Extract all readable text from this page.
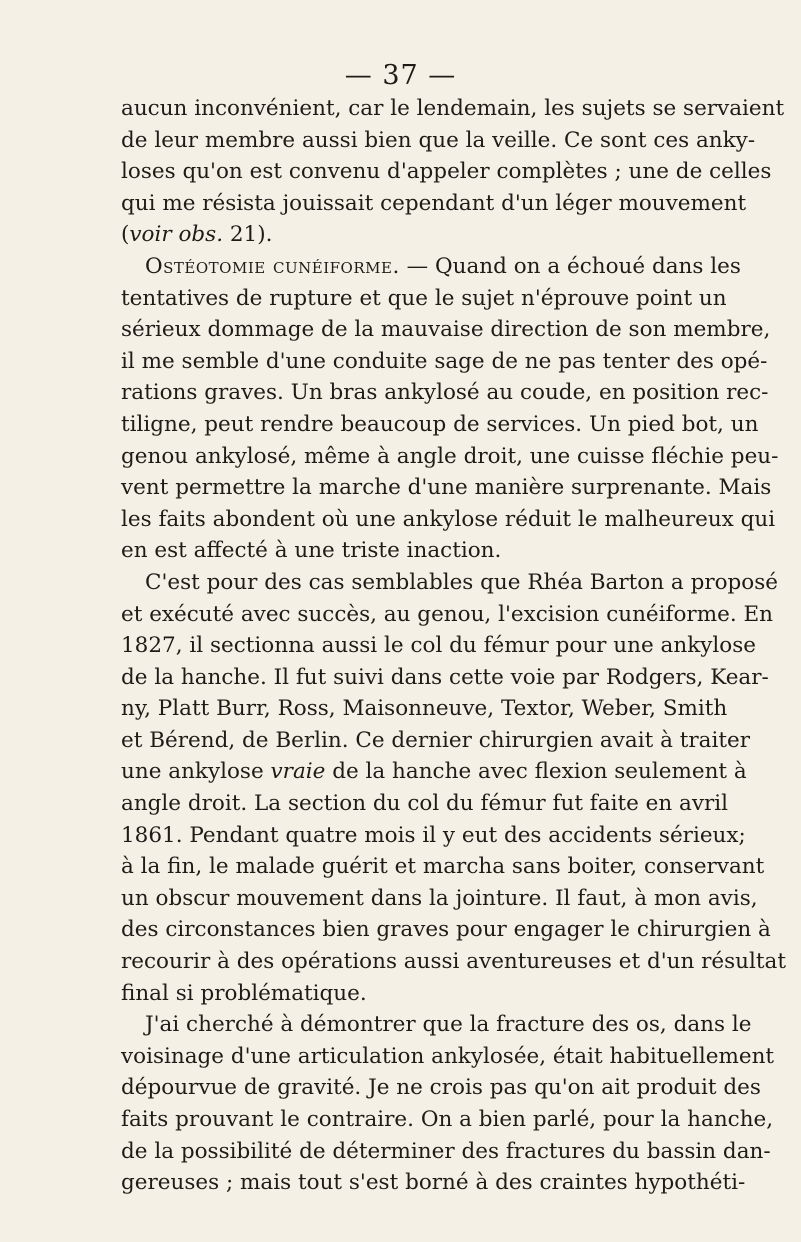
— 37 —
aucun inconvénient, car le lendemain, les sujets se servaient
de leur membre aussi bien que la veille. Ce sont ces anky-
loses qu'on est convenu d'appeler complètes ; une de celles
qui me résista jouissait cependant d'un léger mouvement
(voir obs. 21).
Ostéotomie cunéiforme. — Quand on a échoué dans les
tentatives de rupture et que le sujet n'éprouve point un
sérieux dommage de la mauvaise direction de son membre,
il me semble d'une conduite sage de ne pas tenter des opé-
rations graves. Un bras ankylosé au coude, en position rec-
tiligne, peut rendre beaucoup de services. Un pied bot, un
genou ankylosé, même à angle droit, une cuisse fléchie peu-
vent permettre la marche d'une manière surprenante. Mais
les faits abondent où une ankylose réduit le malheureux qui
en est affecté à une triste inaction.
C'est pour des cas semblables que Rhéa Barton a proposé
et exécuté avec succès, au genou, l'excision cunéiforme. En
1827, il sectionna aussi le col du fémur pour une ankylose
de la hanche. Il fut suivi dans cette voie par Rodgers, Kear-
ny, Platt Burr, Ross, Maisonneuve, Textor, Weber, Smith
et Bérend, de Berlin. Ce dernier chirurgien avait à traiter
une ankylose vraie de la hanche avec flexion seulement à
angle droit. La section du col du fémur fut faite en avril
1861. Pendant quatre mois il y eut des accidents sérieux;
à la fin, le malade guérit et marcha sans boiter, conservant
un obscur mouvement dans la jointure. Il faut, à mon avis,
des circonstances bien graves pour engager le chirurgien à
recourir à des opérations aussi aventureuses et d'un résultat
final si problématique.
J'ai cherché à démontrer que la fracture des os, dans le
voisinage d'une articulation ankylosée, était habituellement
dépourvue de gravité. Je ne crois pas qu'on ait produit des
faits prouvant le contraire. On a bien parlé, pour la hanche,
de la possibilité de déterminer des fractures du bassin dan-
gereuses ; mais tout s'est borné à des craintes hypothéti-
